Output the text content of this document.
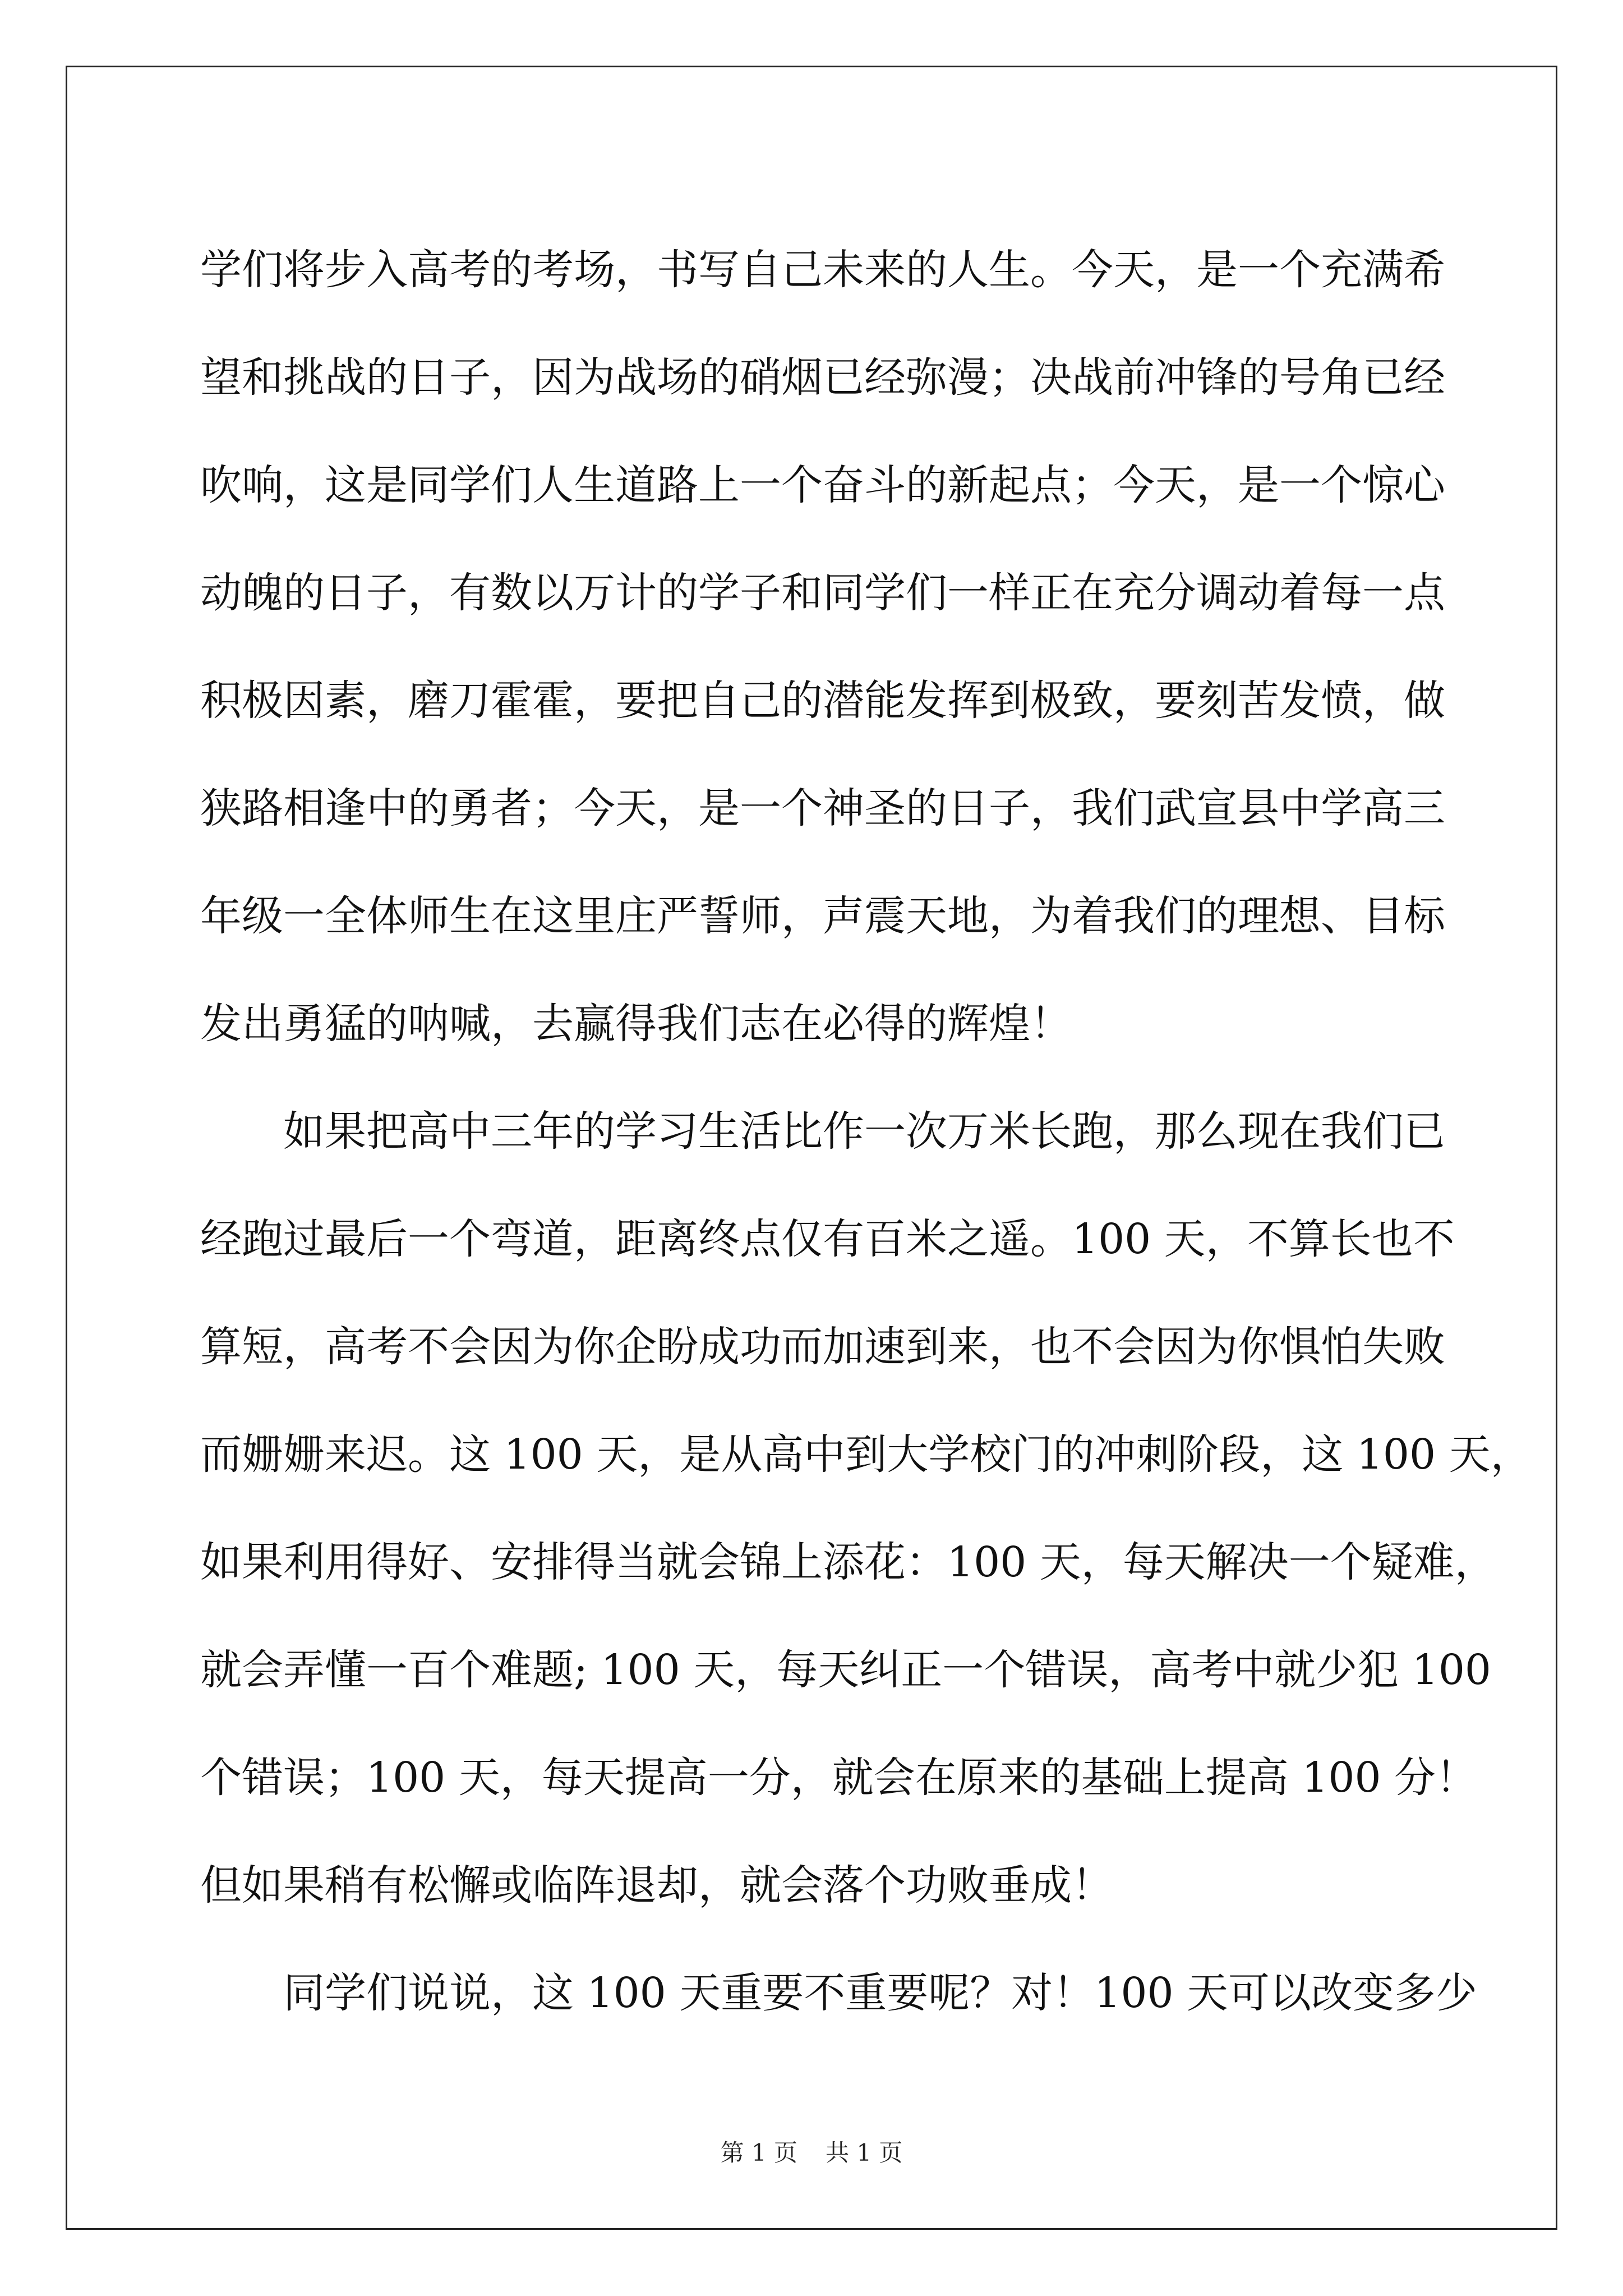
学们将步入高考的考场，书写自己未来的人生。今天，是一个充满希
望和挑战的日子，因为战场的硝烟已经弥漫；决战前冲锋的号角已经
吹响，这是同学们人生道路上一个奋斗的新起点；今天，是一个惊心
动魄的日子，有数以万计的学子和同学们一样正在充分调动着每一点
积极因素，磨刀霍霍，要把自己的潜能发挥到极致，要刻苦发愤，做
狭路相逢中的勇者；今天，是一个神圣的日子，我们武宣县中学高三
年级一全体师生在这里庄严誓师，声震天地，为着我们的理想、目标
发出勇猛的呐喊，去赢得我们志在必得的辉煌！
如果把高中三年的学习生活比作一次万米长跑，那么现在我们已
经跑过最后一个弯道，距离终点仅有百米之遥。100 天，不算长也不
算短，高考不会因为你企盼成功而加速到来，也不会因为你惧怕失败
而姗姗来迟。这 100 天，是从高中到大学校门的冲刺阶段，这 100 天，
如果利用得好、安排得当就会锦上添花：100 天，每天解决一个疑难，
就会弄懂一百个难题; 100 天，每天纠正一个错误，高考中就少犯 100
个错误；100 天，每天提高一分，就会在原来的基础上提高 100 分！
但如果稍有松懈或临阵退却，就会落个功败垂成！
同学们说说，这 100 天重要不重要呢？对！100 天可以改变多少
第 1 页 共 1 页
